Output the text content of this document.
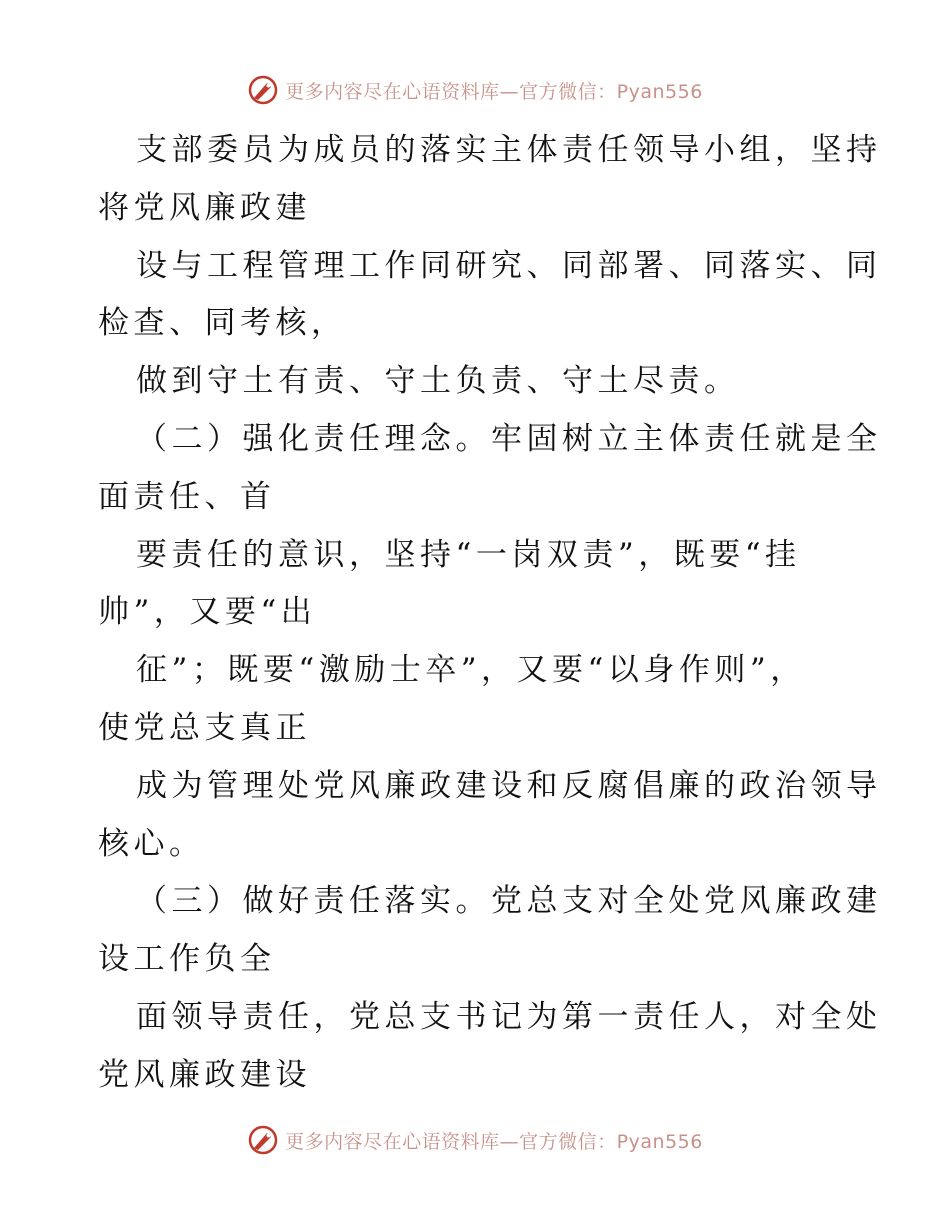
更多内容尽在心语资料库—官方微信：Pyan556
支部委员为成员的落实主体责任领导小组，坚持
将党风廉政建
设与工程管理工作同研究、同部署、同落实、同
检查、同考核，
做到守土有责、守土负责、守土尽责。
（二）强化责任理念。牢固树立主体责任就是全
面责任、首
要责任的意识，坚持“一岗双责”，既要“挂
帅”，又要“出
征”；既要“激励士卒”，又要“以身作则”，
使党总支真正
成为管理处党风廉政建设和反腐倡廉的政治领导
核心。
（三）做好责任落实。党总支对全处党风廉政建
设工作负全
面领导责任，党总支书记为第一责任人，对全处
党风廉政建设
更多内容尽在心语资料库—官方微信：Pyan556
